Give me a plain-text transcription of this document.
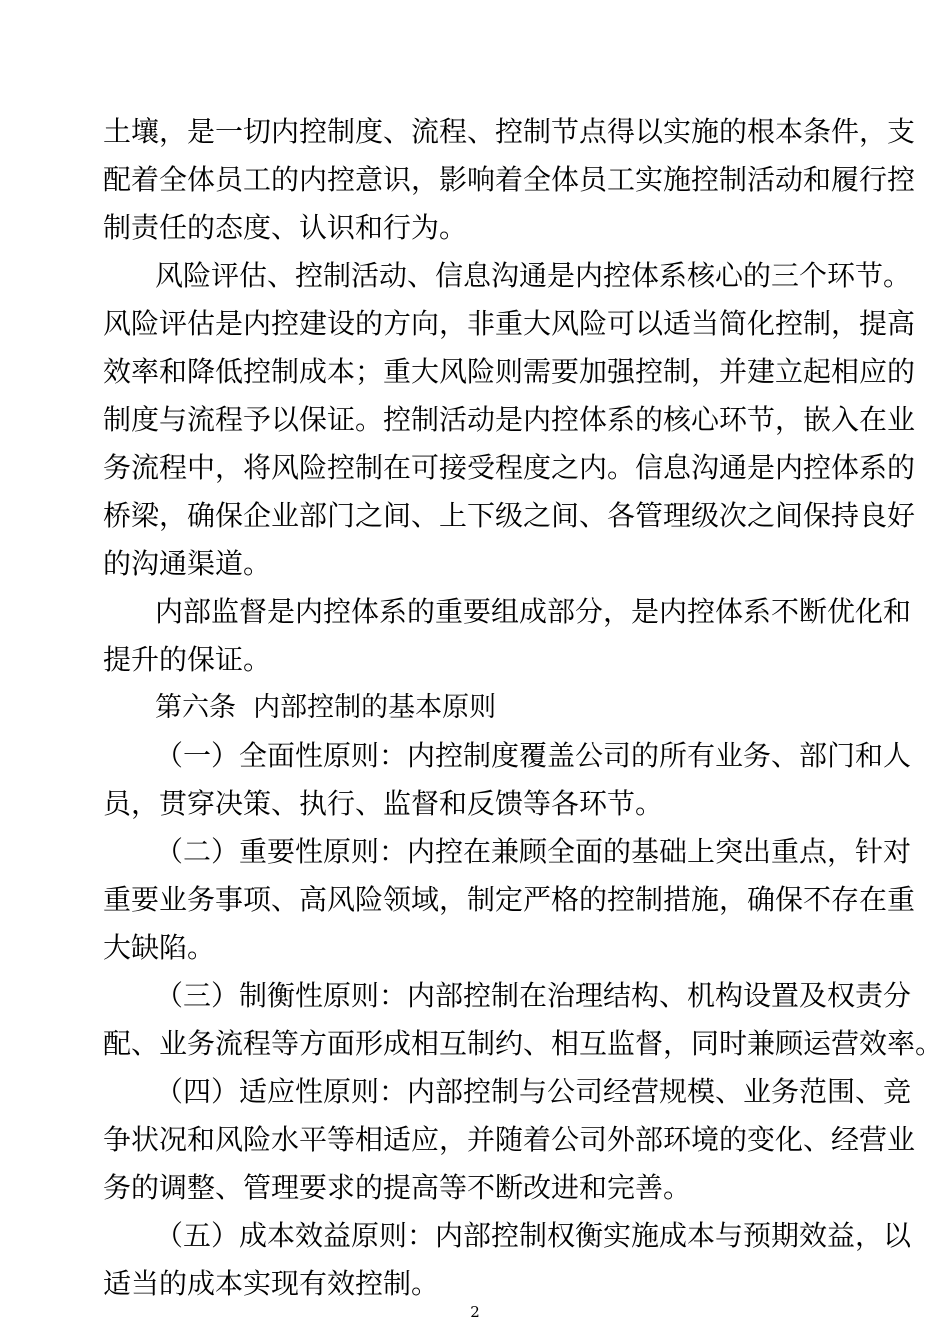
土壤，是一切内控制度、流程、控制节点得以实施的根本条件，支
配着全体员工的内控意识，影响着全体员工实施控制活动和履行控
制责任的态度、认识和行为。
风险评估、控制活动、信息沟通是内控体系核心的三个环节。
风险评估是内控建设的方向，非重大风险可以适当简化控制，提高
效率和降低控制成本；重大风险则需要加强控制，并建立起相应的
制度与流程予以保证。控制活动是内控体系的核心环节，嵌入在业
务流程中，将风险控制在可接受程度之内。信息沟通是内控体系的
桥梁，确保企业部门之间、上下级之间、各管理级次之间保持良好
的沟通渠道。
内部监督是内控体系的重要组成部分，是内控体系不断优化和
提升的保证。
第六条  内部控制的基本原则
（一）全面性原则：内控制度覆盖公司的所有业务、部门和人
员，贯穿决策、执行、监督和反馈等各环节。
（二）重要性原则：内控在兼顾全面的基础上突出重点，针对
重要业务事项、高风险领域，制定严格的控制措施，确保不存在重
大缺陷。
（三）制衡性原则：内部控制在治理结构、机构设置及权责分
配、业务流程等方面形成相互制约、相互监督，同时兼顾运营效率。
（四）适应性原则：内部控制与公司经营规模、业务范围、竞
争状况和风险水平等相适应，并随着公司外部环境的变化、经营业
务的调整、管理要求的提高等不断改进和完善。
（五）成本效益原则：内部控制权衡实施成本与预期效益，以
适当的成本实现有效控制。
2
